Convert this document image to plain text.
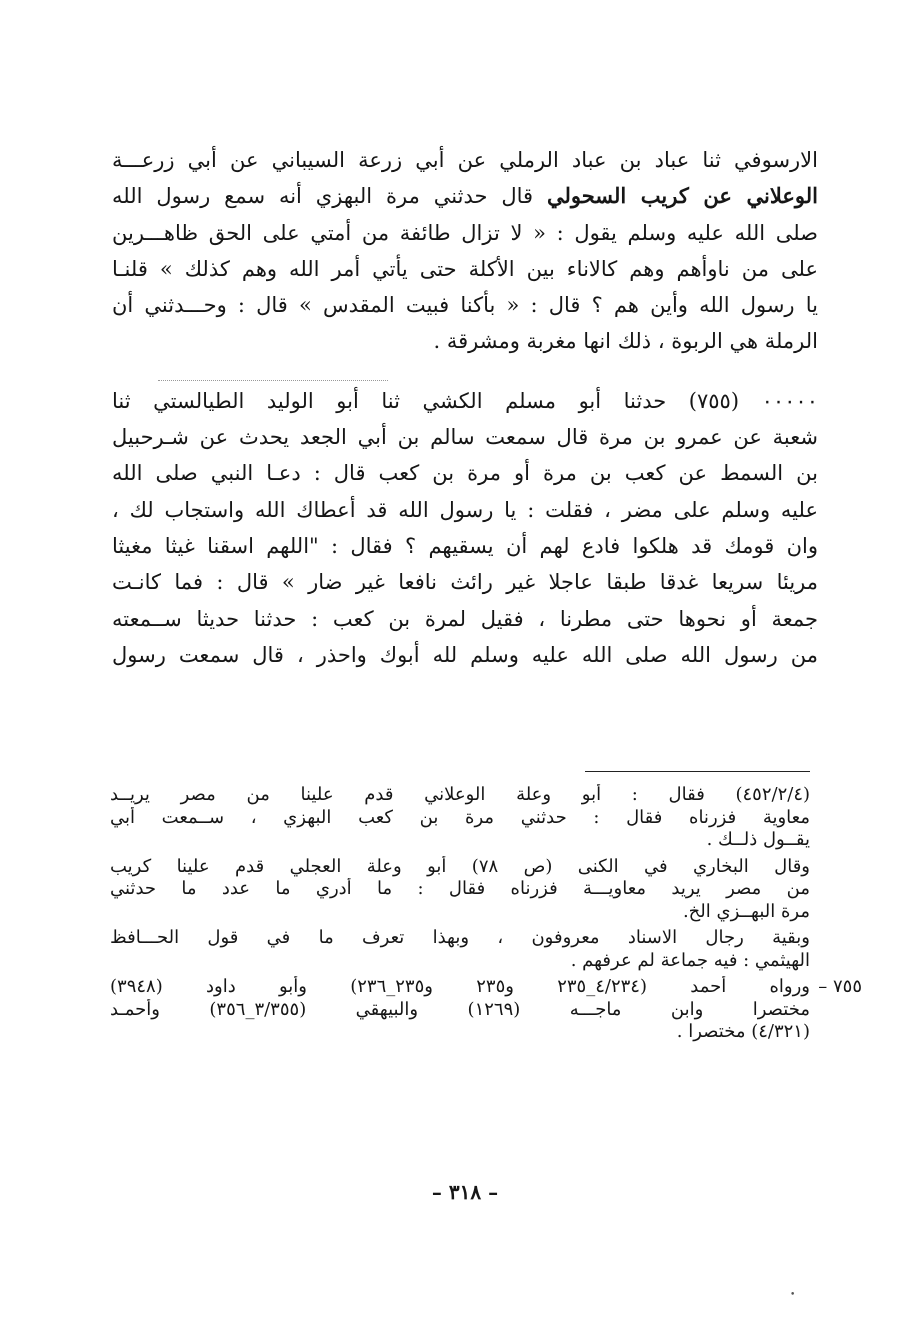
الارسوفي ثنا عباد بن عباد الرملي عن أبي زرعة السيباني عن أبي زرعـــة
الوعلاني عن كريب السحولي قال حدثني مرة البهزي أنه سمع رسول الله
صلى الله عليه وسلم يقول : « لا تزال طائفة من أمتي على الحق ظاهـــرين
على من ناوأهم وهم كالاناء بين الأكلة حتى يأتي أمر الله وهم كذلك » قلنـا
يا رسول الله وأين هم ؟ قال : « بأكنا فبيت المقدس » قال : وحـــدثني أن
الرملة هي الربوة ، ذلك انها مغربة ومشرقة .
٠٠٠٠٠ (٧٥٥) حدثنا أبو مسلم الكشي ثنا أبو الوليد الطيالستي ثنا
شعبة عن عمرو بن مرة قال سمعت سالم بن أبي الجعد يحدث عن شـرحبيل
بن السمط عن كعب بن مرة أو مرة بن كعب قال : دعـا النبي صلى الله
عليه وسلم على مضر ، فقلت : يا رسول الله قد أعطاك الله واستجاب لك ،
وان قومك قد هلكوا فادع لهم أن يسقيهم ؟ فقال : "اللهم اسقنا غيثا مغيثا
مريئا سريعا غدقا طبقا عاجلا غير رائث نافعا غير ضار » قال : فما كانـت
جمعة أو نحوها حتى مطرنا ، فقيل لمرة بن كعب : حدثنا حديثا ســمعته
من رسول الله صلى الله عليه وسلم لله أبوك واحذر ، قال سمعت رسول
(٤٥٢/٢/٤) فقال : أبو وعلة الوعلاني قدم علينا من مصر يريــد
معاوية فزرناه فقال : حدثني مرة بن كعب البهزي ، ســمعت أبي
يقــول ذلــك .
وقال البخاري في الكنى (ص ٧٨) أبو وعلة العجلي قدم علينا كريب
من مصر يريد معاويـــة فزرناه فقال : ما أدري ما عدد ما حدثني
مرة البهــزي الخ.
وبقية رجال الاسناد معروفون ، وبهذا تعرف ما في قول الحـــافظ
الهيثمي : فيه جماعة لم عرفهم .
٧٥٥ –
ورواه أحمد (٤/٢٣٤_٢٣٥ و٢٣٥ و٢٣٥_٢٣٦) وأبو داود (٣٩٤٨)
مختصرا وابن ماجـــه (١٢٦٩) والبيهقي (٣/٣٥٥_٣٥٦) وأحمـد
(٤/٣٢١) مختصرا .
– ٣١٨ –
•
